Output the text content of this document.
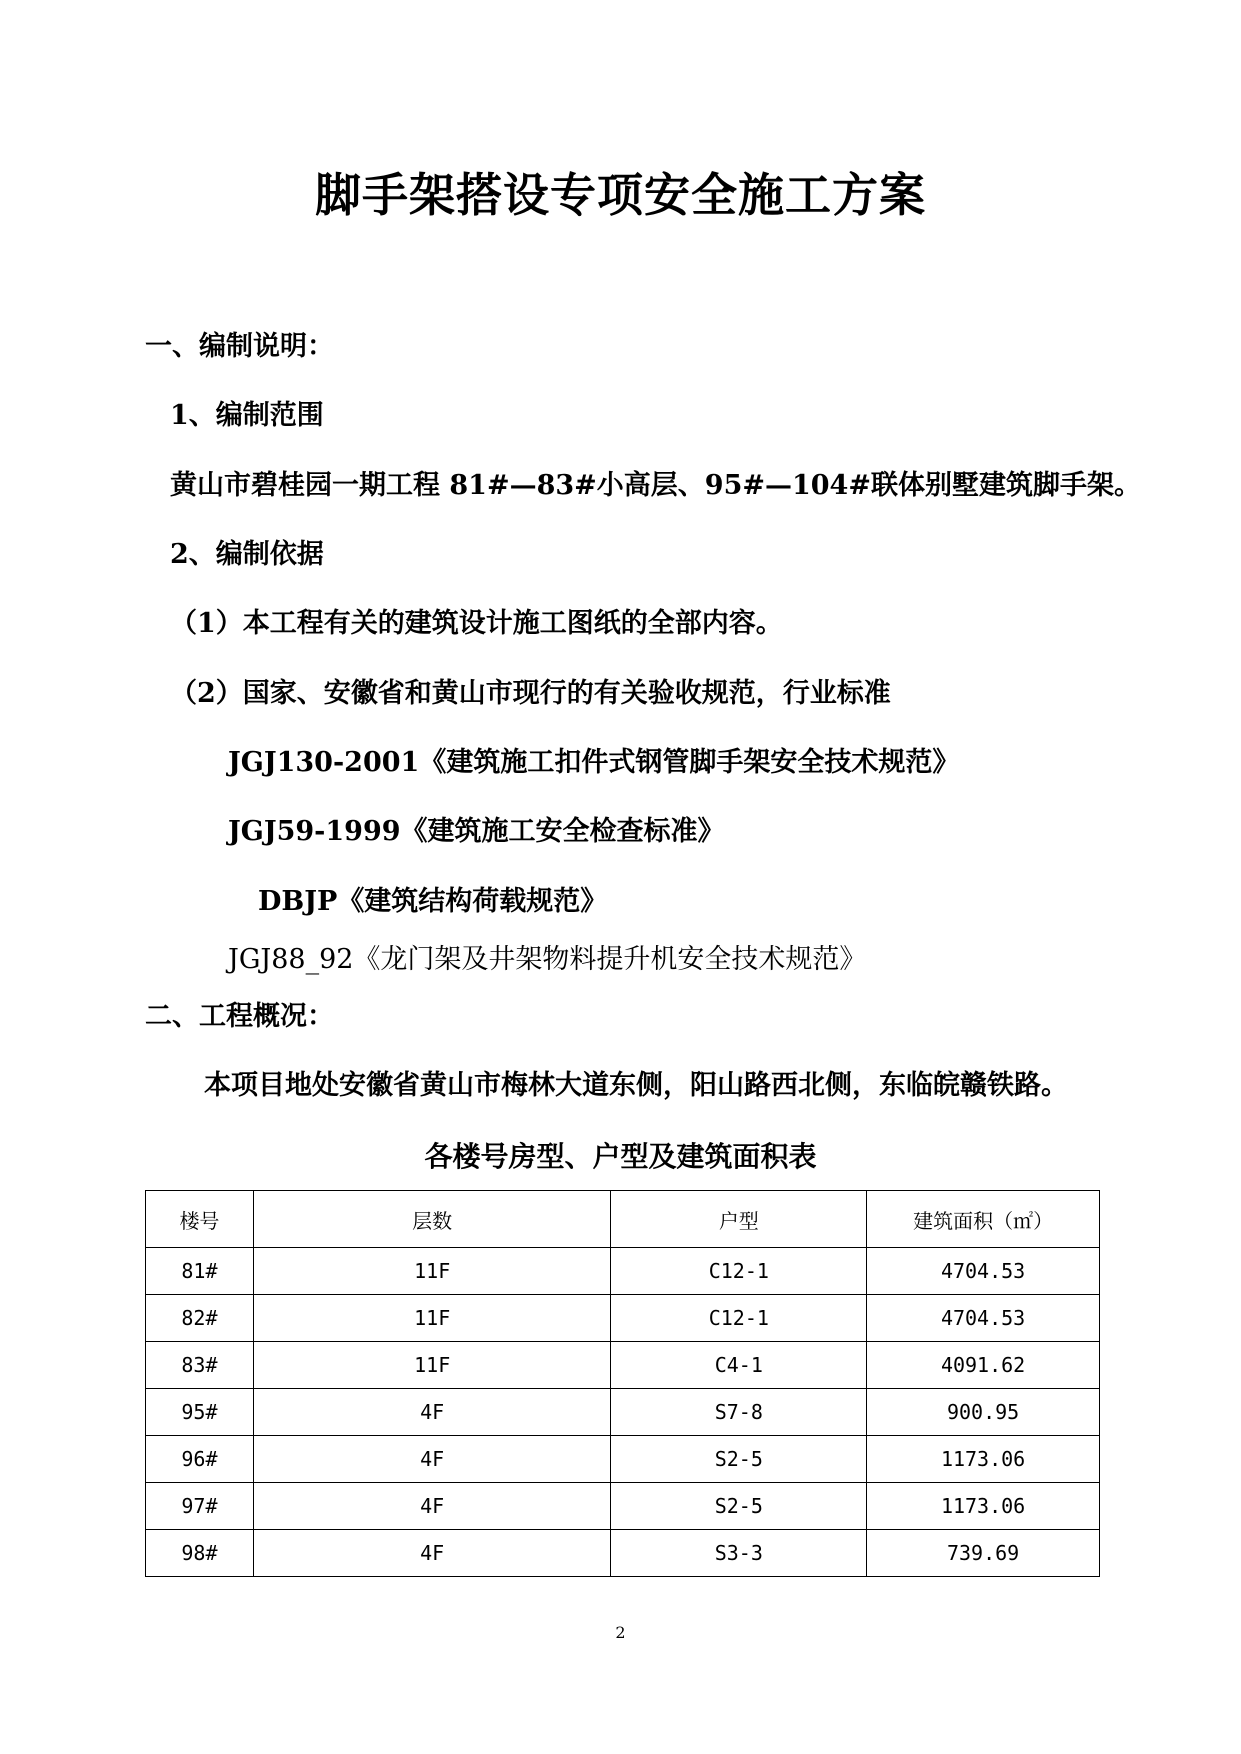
脚手架搭设专项安全施工方案
一、编制说明：
1、编制范围
黄山市碧桂园一期工程 81#—83#小高层、95#—104#联体别墅建筑脚手架。
2、编制依据
（1）本工程有关的建筑设计施工图纸的全部内容。
（2）国家、安徽省和黄山市现行的有关验收规范，行业标准
JGJ130-2001《建筑施工扣件式钢管脚手架安全技术规范》
JGJ59-1999《建筑施工安全检查标准》
DBJP《建筑结构荷载规范》
JGJ88_92《龙门架及井架物料提升机安全技术规范》
二、工程概况：
本项目地处安徽省黄山市梅林大道东侧，阳山路西北侧，东临皖赣铁路。
各楼号房型、户型及建筑面积表
楼号	层数	户型	建筑面积（㎡）
81#	11F	C12-1	4704.53
82#	11F	C12-1	4704.53
83#	11F	C4-1	4091.62
95#	4F	S7-8	900.95
96#	4F	S2-5	1173.06
97#	4F	S2-5	1173.06
98#	4F	S3-3	739.69
2
